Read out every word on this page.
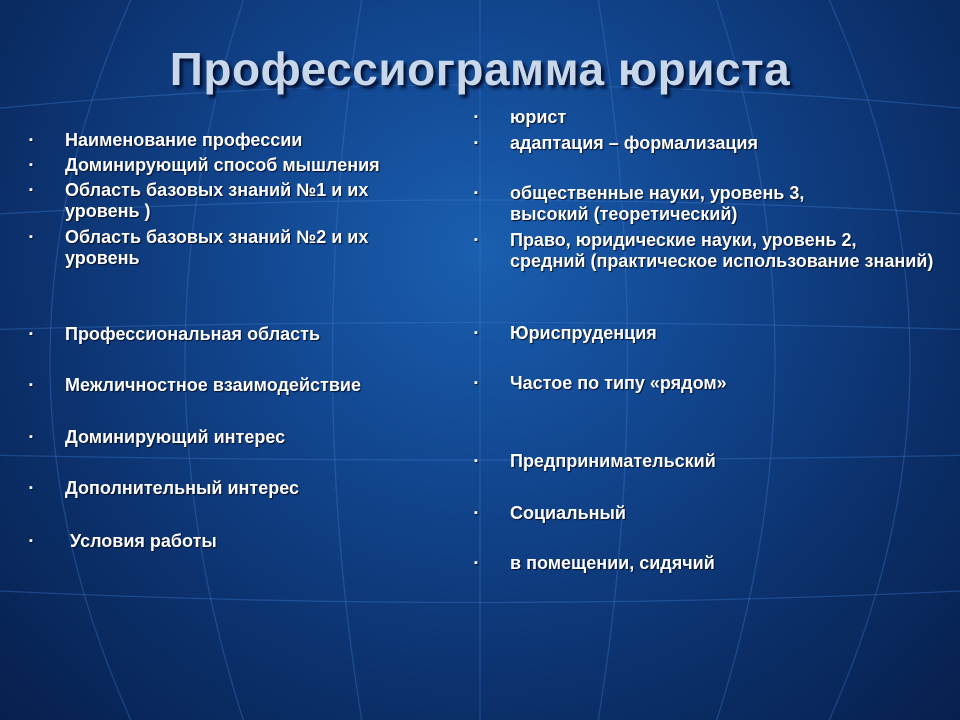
Профессиограмма юриста
▪ Наименование профессии
▪ Доминирующий способ мышления
▪ Область базовых знаний №1 и их уровень )
▪ Область базовых знаний №2 и их уровень
▪ Профессиональная область
▪ Межличностное взаимодействие
▪ Доминирующий интерес
▪ Дополнительный интерес
▪ Условия работы
▪ юрист
▪ адаптация – формализация
▪ общественные науки, уровень 3, высокий (теоретический)
▪ Право, юридические науки, уровень 2, средний (практическое использование знаний)
▪ Юриспруденция
▪ Частое по типу «рядом»
▪ Предпринимательский
▪ Социальный
▪ в помещении, сидячий
